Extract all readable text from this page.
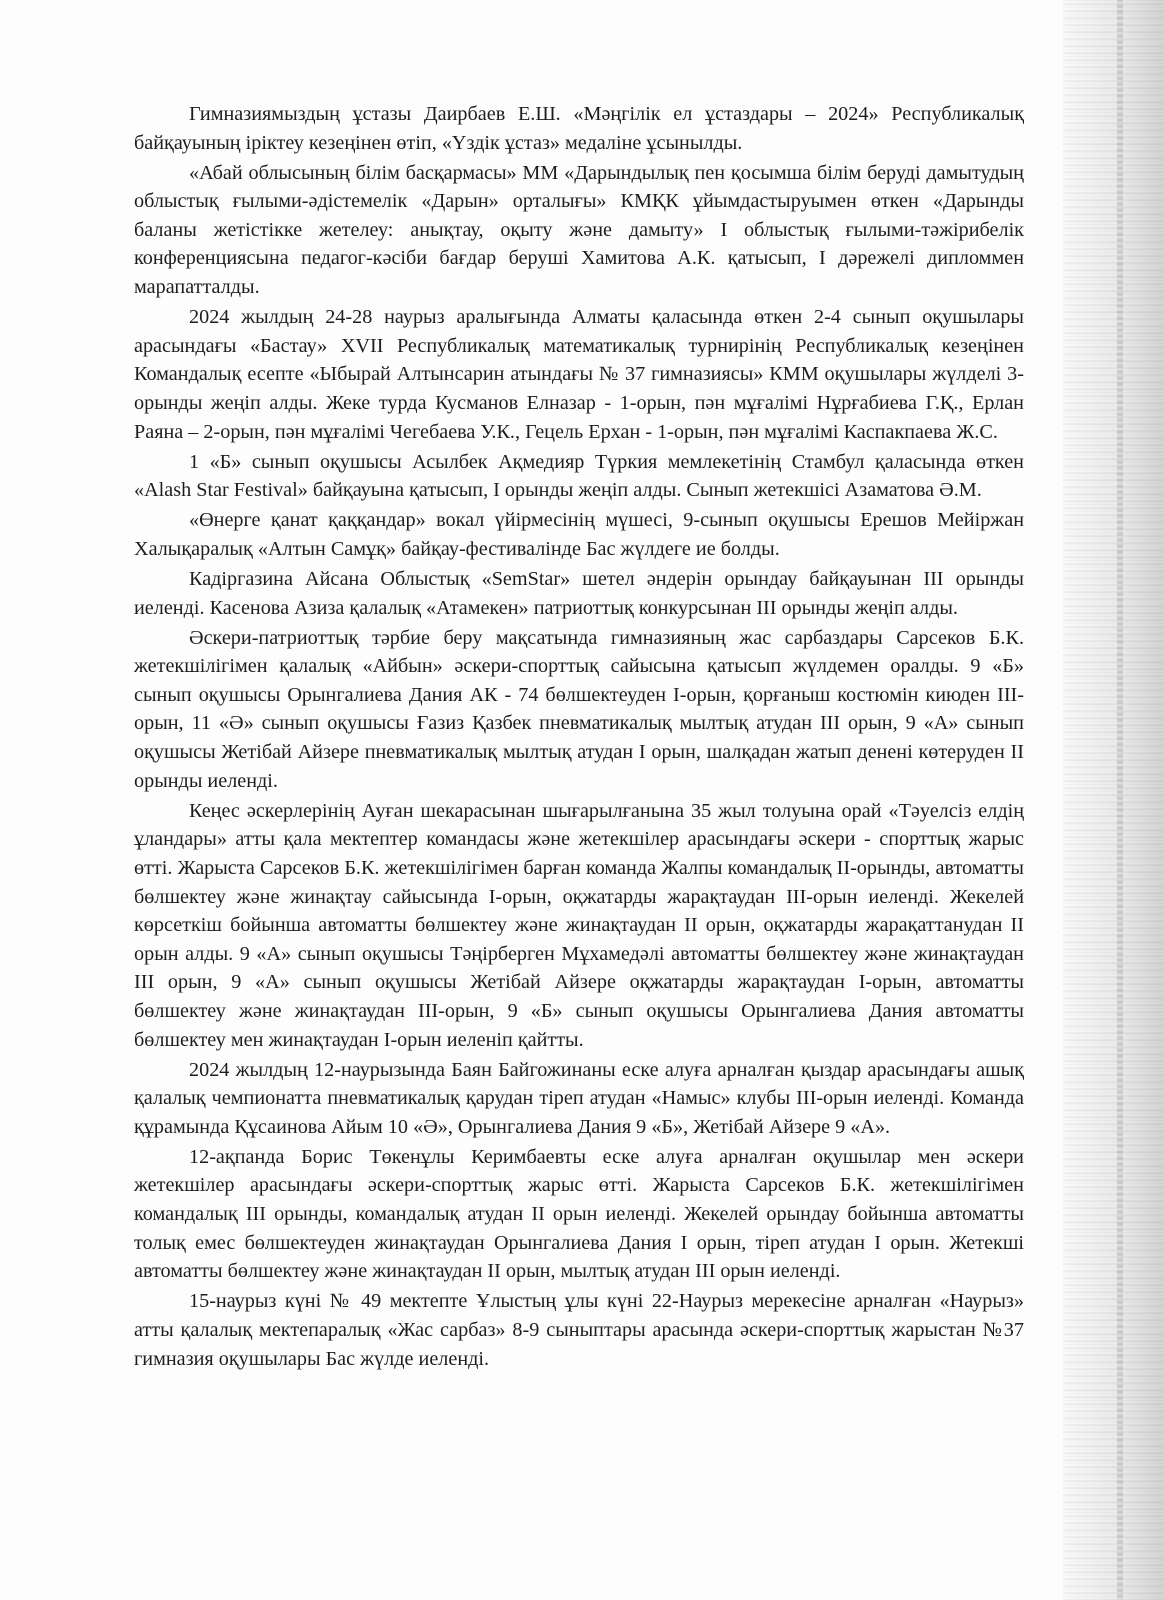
Гимназиямыздың ұстазы Даирбаев Е.Ш. «Мәңгілік ел ұстаздары – 2024» Республикалық байқауының іріктеу кезеңінен өтіп, «Үздік ұстаз» медаліне ұсынылды.

«Абай облысының білім басқармасы» ММ «Дарындылық пен қосымша білім беруді дамытудың облыстық ғылыми-әдістемелік «Дарын» орталығы» КМҚК ұйымдастыруымен өткен «Дарынды баланы жетістікке жетелеу: анықтау, оқыту және дамыту» І облыстық ғылыми-тәжірибелік конференциясына педагог-кәсіби бағдар беруші Хамитова А.К. қатысып, І дәрежелі дипломмен марапатталды.

2024 жылдың 24-28 наурыз аралығында Алматы қаласында өткен 2-4 сынып оқушылары арасындағы «Бастау» XVII Республикалық математикалық турнирінің Республикалық кезеңінен Командалық есепте «Ыбырай Алтынсарин атындағы № 37 гимназиясы» КММ оқушылары жүлделі 3-орынды жеңіп алды. Жеке турда Кусманов Елназар - 1-орын, пән мұғалімі Нұрғабиева Г.Қ., Ерлан Раяна – 2-орын, пән мұғалімі Чегебаева У.К., Гецель Ерхан - 1-орын, пән мұғалімі Каспакпаева Ж.С.

1 «Б» сынып оқушысы Асылбек Ақмедияр Түркия мемлекетінің Стамбул қаласында өткен «Alash Star Festival» байқауына қатысып, І орынды жеңіп алды. Сынып жетекшісі Азаматова Ә.М.

«Өнерге қанат қаққандар» вокал үйірмесінің мүшесі, 9-сынып оқушысы Ерешов Мейіржан Халықаралық «Алтын Самұқ» байқау-фестивалінде Бас жүлдеге ие болды.

Кадіргазина Айсана Облыстық «SemStar» шетел әндерін орындау байқауынан ІІІ орынды иеленді. Касенова Азиза қалалық «Атамекен» патриоттық конкурсынан ІІІ орынды жеңіп алды.

Әскери-патриоттық тәрбие беру мақсатында гимназияның жас сарбаздары Сарсеков Б.К. жетекшілігімен қалалық «Айбын» әскери-спорттық сайысына қатысып жүлдемен оралды. 9 «Б» сынып оқушысы Орынгалиева Дания АК - 74 бөлшектеуден І-орын, қорғаныш костюмін киюден ІІІ-орын, 11 «Ә» сынып оқушысы Ғазиз Қазбек пневматикалық мылтық атудан ІІІ орын, 9 «А» сынып оқушысы Жетібай Айзере пневматикалық мылтық атудан І орын, шалқадан жатып денені көтеруден ІІ орынды иеленді.

Кеңес әскерлерінің Ауған шекарасынан шығарылғанына 35 жыл толуына орай «Тәуелсіз елдің ұландары» атты қала мектептер командасы және жетекшілер арасындағы әскери - спорттық жарыс өтті. Жарыста Сарсеков Б.К. жетекшілігімен барған команда Жалпы командалық ІІ-орынды, автоматты бөлшектеу және жинақтау сайысында І-орын, оқжатарды жарақтаудан ІІІ-орын иеленді. Жекелей көрсеткіш бойынша автоматты бөлшектеу және жинақтаудан ІІ орын, оқжатарды жарақаттанудан ІІ орын алды. 9 «А» сынып оқушысы Тәңірберген Мұхамедәлі автоматты бөлшектеу және жинақтаудан ІІІ орын, 9 «А» сынып оқушысы Жетібай Айзере оқжатарды жарақтаудан І-орын, автоматты бөлшектеу және жинақтаудан ІІІ-орын, 9 «Б» сынып оқушысы Орынгалиева Дания автоматты бөлшектеу мен жинақтаудан І-орын иеленіп қайтты.

2024 жылдың 12-наурызында Баян Байгожинаны еске алуға арналған қыздар арасындағы ашық қалалық чемпионатта пневматикалық қарудан тіреп атудан «Намыс» клубы ІІІ-орын иеленді. Команда құрамында Құсаинова Айым 10 «Ә», Орынгалиева Дания 9 «Б», Жетібай Айзере 9 «А».

12-ақпанда Борис Төкенұлы Керимбаевты еске алуға арналған оқушылар мен әскери жетекшілер арасындағы әскери-спорттық жарыс өтті. Жарыста Сарсеков Б.К. жетекшілігімен командалық ІІІ орынды, командалық атудан ІІ орын иеленді. Жекелей орындау бойынша автоматты толық емес бөлшектеуден жинақтаудан Орынгалиева Дания І орын, тіреп атудан І орын. Жетекші автоматты бөлшектеу және жинақтаудан ІІ орын, мылтық атудан ІІІ орын иеленді.

15-наурыз күні № 49 мектепте Ұлыстың ұлы күні 22-Наурыз мерекесіне арналған «Наурыз» атты қалалық мектепаралық «Жас сарбаз» 8-9 сыныптары арасында әскери-спорттық жарыстан №37 гимназия оқушылары Бас жүлде иеленді.
